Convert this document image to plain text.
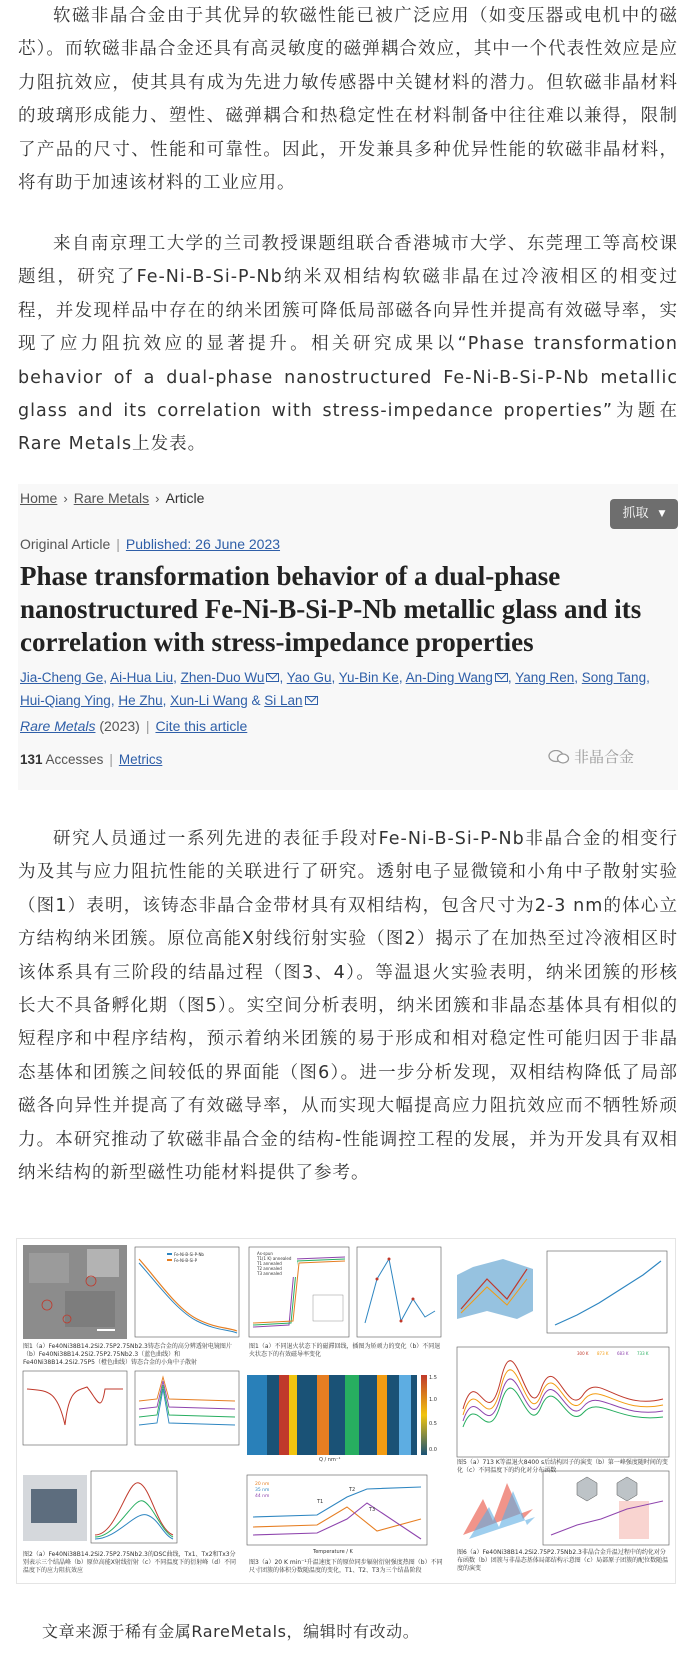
软磁非晶合金由于其优异的软磁性能已被广泛应用（如变压器或电机中的磁芯）。而软磁非晶合金还具有高灵敏度的磁弹耦合效应，其中一个代表性效应是应力阻抗效应，使其具有成为先进力敏传感器中关键材料的潜力。但软磁非晶材料的玻璃形成能力、塑性、磁弹耦合和热稳定性在材料制备中往往难以兼得，限制了产品的尺寸、性能和可靠性。因此，开发兼具多种优异性能的软磁非晶材料，将有助于加速该材料的工业应用。

来自南京理工大学的兰司教授课题组联合香港城市大学、东莞理工等高校课题组，研究了Fe-Ni-B-Si-P-Nb纳米双相结构软磁非晶在过冷液相区的相变过程，并发现样品中存在的纳米团簇可降低局部磁各向异性并提高有效磁导率，实现了应力阻抗效应的显著提升。相关研究成果以“Phase transformation behavior of a dual-phase nanostructured Fe-Ni-B-Si-P-Nb metallic glass and its correlation with stress-impedance properties”为题在Rare Metals上发表。

Home › Rare Metals › Article
抓取 ▼
Original Article | Published: 26 June 2023
Phase transformation behavior of a dual-phase nanostructured Fe-Ni-B-Si-P-Nb metallic glass and its correlation with stress-impedance properties
Jia-Cheng Ge, Ai-Hua Liu, Zhen-Duo Wu , Yao Gu, Yu-Bin Ke, An-Ding Wang , Yang Ren, Song Tang, Hui-Qiang Ying, He Zhu, Xun-Li Wang & Si Lan
Rare Metals (2023) | Cite this article
131 Accesses | Metrics	非晶合金

研究人员通过一系列先进的表征手段对Fe-Ni-B-Si-P-Nb非晶合金的相变行为及其与应力阻抗性能的关联进行了研究。透射电子显微镜和小角中子散射实验（图1）表明，该铸态非晶合金带材具有双相结构，包含尺寸为2-3 nm的体心立方结构纳米团簇。原位高能X射线衍射实验（图2）揭示了在加热至过冷液相区时该体系具有三阶段的结晶过程（图3、4）。等温退火实验表明，纳米团簇的形核长大不具备孵化期（图5）。实空间分析表明，纳米团簇和非晶态基体具有相似的短程序和中程序结构，预示着纳米团簇的易于形成和相对稳定性可能归因于非晶态基体和团簇之间较低的界面能（图6）。进一步分析发现，双相结构降低了局部磁各向异性并提高了有效磁导率，从而实现大幅提高应力阻抗效应而不牺牲矫顽力。本研究推动了软磁非晶合金的结构-性能调控工程的发展，并为开发具有双相纳米结构的新型磁性功能材料提供了参考。

Fe-Ni-B-Si-P-Nb
Fe-Ni-B-Si-P
As-spun
T1(1 K) annealed
T1 annealed
T2 annealed
T3 annealed
1.5
1.0
0.5
0.0
Q / nm⁻¹
300 K 873 K 683 K 733 K
20 nm
35 nm
44 nm
T1
T2
T3
Temperature / K

图1（a）Fe40Ni38B14.2Si2.75P2.75Nb2.3铸态合金的高分辨透射电镜图片（b）Fe40Ni38B14.2Si2.75P2.75Nb2.3（蓝色曲线）和Fe40Ni38B14.2Si2.75P5（橙色曲线）铸态合金的小角中子散射

图1（a）不同退火状态下的磁滞回线，插图为矫顽力的变化（b）不同退火状态下的有效磁导率变化

图2（a）Fe40Ni38B14.2Si2.75P2.75Nb2.3的DSC曲线，Tx1、Tx2和Tx3分别表示三个结晶峰（b）原位高能X射线衍射（c）不同温度下的衍射峰（d）不同温度下的应力阻抗效应

图3（a）20 K min⁻¹升温速度下的原位同步辐射衍射强度热图（b）不同尺寸团簇的体积分数随温度的变化，T1、T2、T3为三个结晶阶段

图5（a）713 K等温退火8400 s后结构因子的演变（b）第一峰强度随时间的变化（c）不同温度下的约化对分布函数

图6（a）Fe40Ni38B14.2Si2.75P2.75Nb2.3非晶合金升温过程中的约化对分布函数（b）团簇与非晶态基体局部结构示意图（c）局部原子团簇的配位数随温度的演变

文章来源于稀有金属RareMetals，编辑时有改动。
